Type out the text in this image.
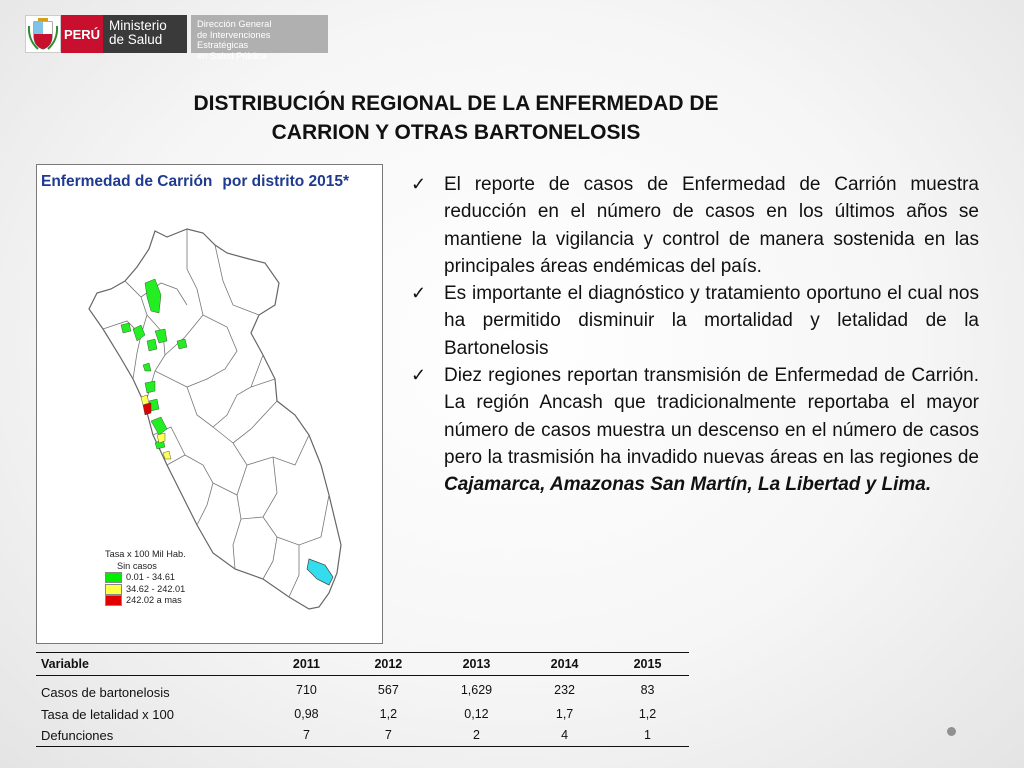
PERÚ
Ministerio
de Salud
Dirección General
de Intervenciones Estratégicas
en Salud Pública
DISTRIBUCIÓN REGIONAL DE LA ENFERMEDAD DE
CARRION Y OTRAS BARTONELOSIS
Enfermedad de Carrión por distrito 2015*
Tasa x 100 Mil Hab.
Sin casos
0.01 - 34.61
34.62 - 242.01
242.02 a mas
✓ El reporte de casos de Enfermedad de Carrión muestra reducción en el número de casos en los últimos años se mantiene la vigilancia y control de manera sostenida en las principales áreas endémicas del país.
✓ Es importante el diagnóstico y tratamiento oportuno el cual nos ha permitido disminuir la mortalidad y letalidad de la Bartonelosis
✓ Diez regiones reportan transmisión de Enfermedad de Carrión. La región Ancash que tradicionalmente reportaba el mayor número de casos muestra un descenso en el número de casos pero la trasmisión ha invadido nuevas áreas en las regiones de Cajamarca, Amazonas San Martín, La Libertad y Lima.
Variable	2011	2012	2013	2014	2015
Casos de bartonelosis	710	567	1,629	232	83
Tasa de letalidad x 100	0,98	1,2	0,12	1,7	1,2
Defunciones	7	7	2	4	1
